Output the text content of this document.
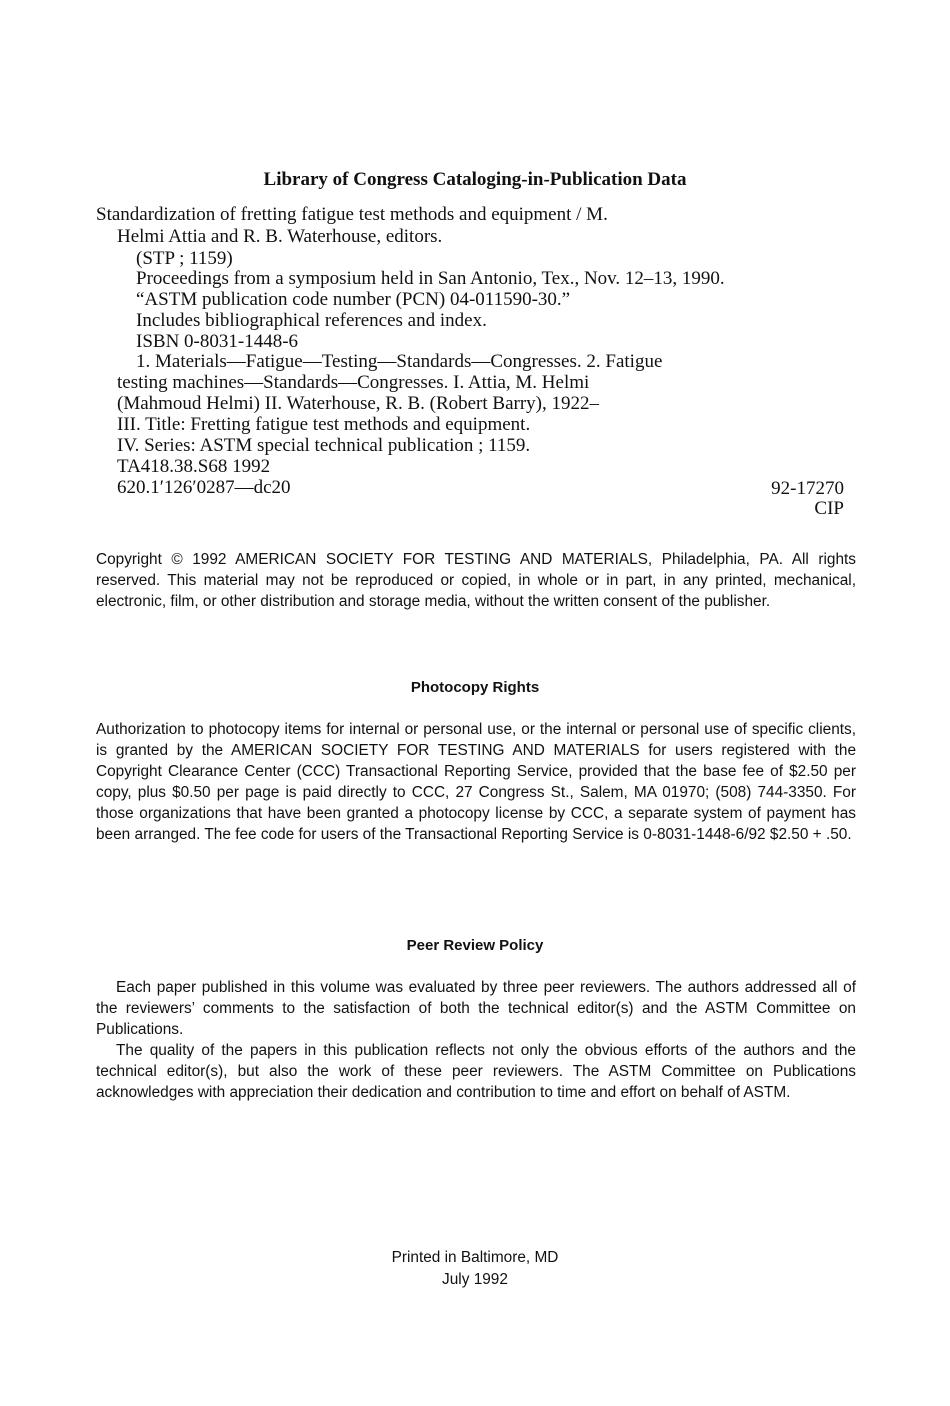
Library of Congress Cataloging-in-Publication Data
Standardization of fretting fatigue test methods and equipment / M.
Helmi Attia and R. B. Waterhouse, editors.
(STP ; 1159)
Proceedings from a symposium held in San Antonio, Tex., Nov. 12–13, 1990.
“ASTM publication code number (PCN) 04-011590-30.”
Includes bibliographical references and index.
ISBN 0-8031-1448-6
1. Materials—Fatigue—Testing—Standards—Congresses. 2. Fatigue
testing machines—Standards—Congresses. I. Attia, M. Helmi
(Mahmoud Helmi) II. Waterhouse, R. B. (Robert Barry), 1922–
III. Title: Fretting fatigue test methods and equipment.
IV. Series: ASTM special technical publication ; 1159.
TA418.38.S68 1992
620.1′126′0287—dc20	92-17270
CIP
Copyright © 1992 AMERICAN SOCIETY FOR TESTING AND MATERIALS, Philadelphia, PA. All rights reserved. This material may not be reproduced or copied, in whole or in part, in any printed, mechanical, electronic, film, or other distribution and storage media, without the written consent of the publisher.
Photocopy Rights
Authorization to photocopy items for internal or personal use, or the internal or personal use of specific clients, is granted by the AMERICAN SOCIETY FOR TESTING AND MATERIALS for users registered with the Copyright Clearance Center (CCC) Transactional Reporting Service, provided that the base fee of $2.50 per copy, plus $0.50 per page is paid directly to CCC, 27 Congress St., Salem, MA 01970; (508) 744-3350. For those organizations that have been granted a photocopy license by CCC, a separate system of payment has been arranged. The fee code for users of the Transactional Reporting Service is 0-8031-1448-6/92 $2.50 + .50.
Peer Review Policy

Each paper published in this volume was evaluated by three peer reviewers. The authors addressed all of the reviewers’ comments to the satisfaction of both the technical editor(s) and the ASTM Committee on Publications.

The quality of the papers in this publication reflects not only the obvious efforts of the authors and the technical editor(s), but also the work of these peer reviewers. The ASTM Committee on Publications acknowledges with appreciation their dedication and contribution to time and effort on behalf of ASTM.

Printed in Baltimore, MD
July 1992
